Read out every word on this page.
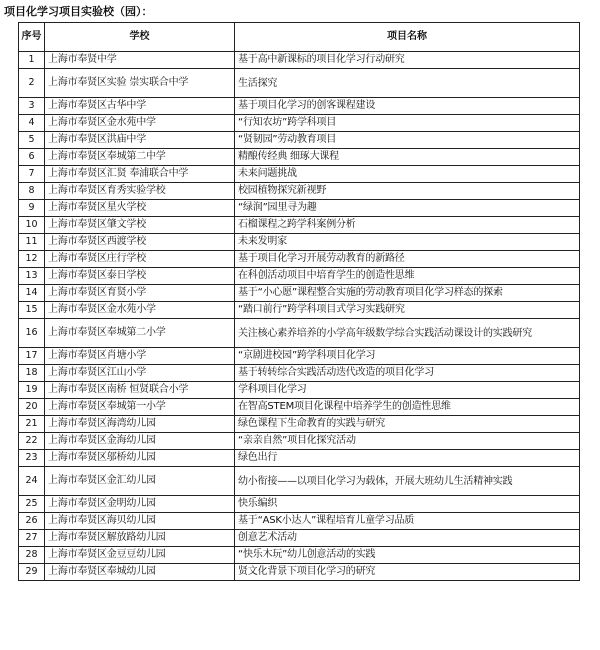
项目化学习项目实验校（园）：
序号	学校	项目名称
1	上海市奉贤中学	基于高中新课标的项目化学习行动研究
2	上海市奉贤区实验 崇实联合中学	生活探究
3	上海市奉贤区古华中学	基于项目化学习的创客课程建设
4	上海市奉贤区金水苑中学	“行知农坊”跨学科项目
5	上海市奉贤区洪庙中学	“贤韧园”劳动教育项目
6	上海市奉贤区奉城第二中学	精酿传经典 细琢大课程
7	上海市奉贤区汇贤 奉浦联合中学	未来问题挑战
8	上海市奉贤区育秀实验学校	校园植物探究新视野
9	上海市奉贤区星火学校	“绿润”园里寻为趣
10	上海市奉贤区肇文学校	石榴课程之跨学科案例分析
11	上海市奉贤区西渡学校	未来发明家
12	上海市奉贤区庄行学校	基于项目化学习开展劳动教育的新路径
13	上海市奉贤区泰日学校	在科创活动项目中培育学生的创造性思维
14	上海市奉贤区育贤小学	基于“小心愿”课程整合实施的劳动教育项目化学习样态的探索
15	上海市奉贤区金水苑小学	“踏口前行”跨学科项目式学习实践研究
16	上海市奉贤区奉城第二小学	关注核心素养培养的小学高年级数学综合实践活动课设计的实践研究
17	上海市奉贤区肖塘小学	“京剧进校园”跨学科项目化学习
18	上海市奉贤区江山小学	基于转转综合实践活动迭代改造的项目化学习
19	上海市奉贤区南桥 恒贤联合小学	学科项目化学习
20	上海市奉贤区奉城第一小学	在智高STEM项目化课程中培养学生的创造性思维
21	上海市奉贤区海湾幼儿园	绿色课程下生命教育的实践与研究
22	上海市奉贤区金海幼儿园	“亲亲自然”项目化探究活动
23	上海市奉贤区邬桥幼儿园	绿色出行
24	上海市奉贤区金汇幼儿园	幼小衔接——以项目化学习为载体，开展大班幼儿生活精神实践
25	上海市奉贤区金明幼儿园	快乐编织
26	上海市奉贤区海贝幼儿园	基于“ASK小达人”课程培育儿童学习品质
27	上海市奉贤区解放路幼儿园	创意艺术活动
28	上海市奉贤区金豆豆幼儿园	“快乐木玩”幼儿创意活动的实践
29	上海市奉贤区奉城幼儿园	贤文化背景下项目化学习的研究
